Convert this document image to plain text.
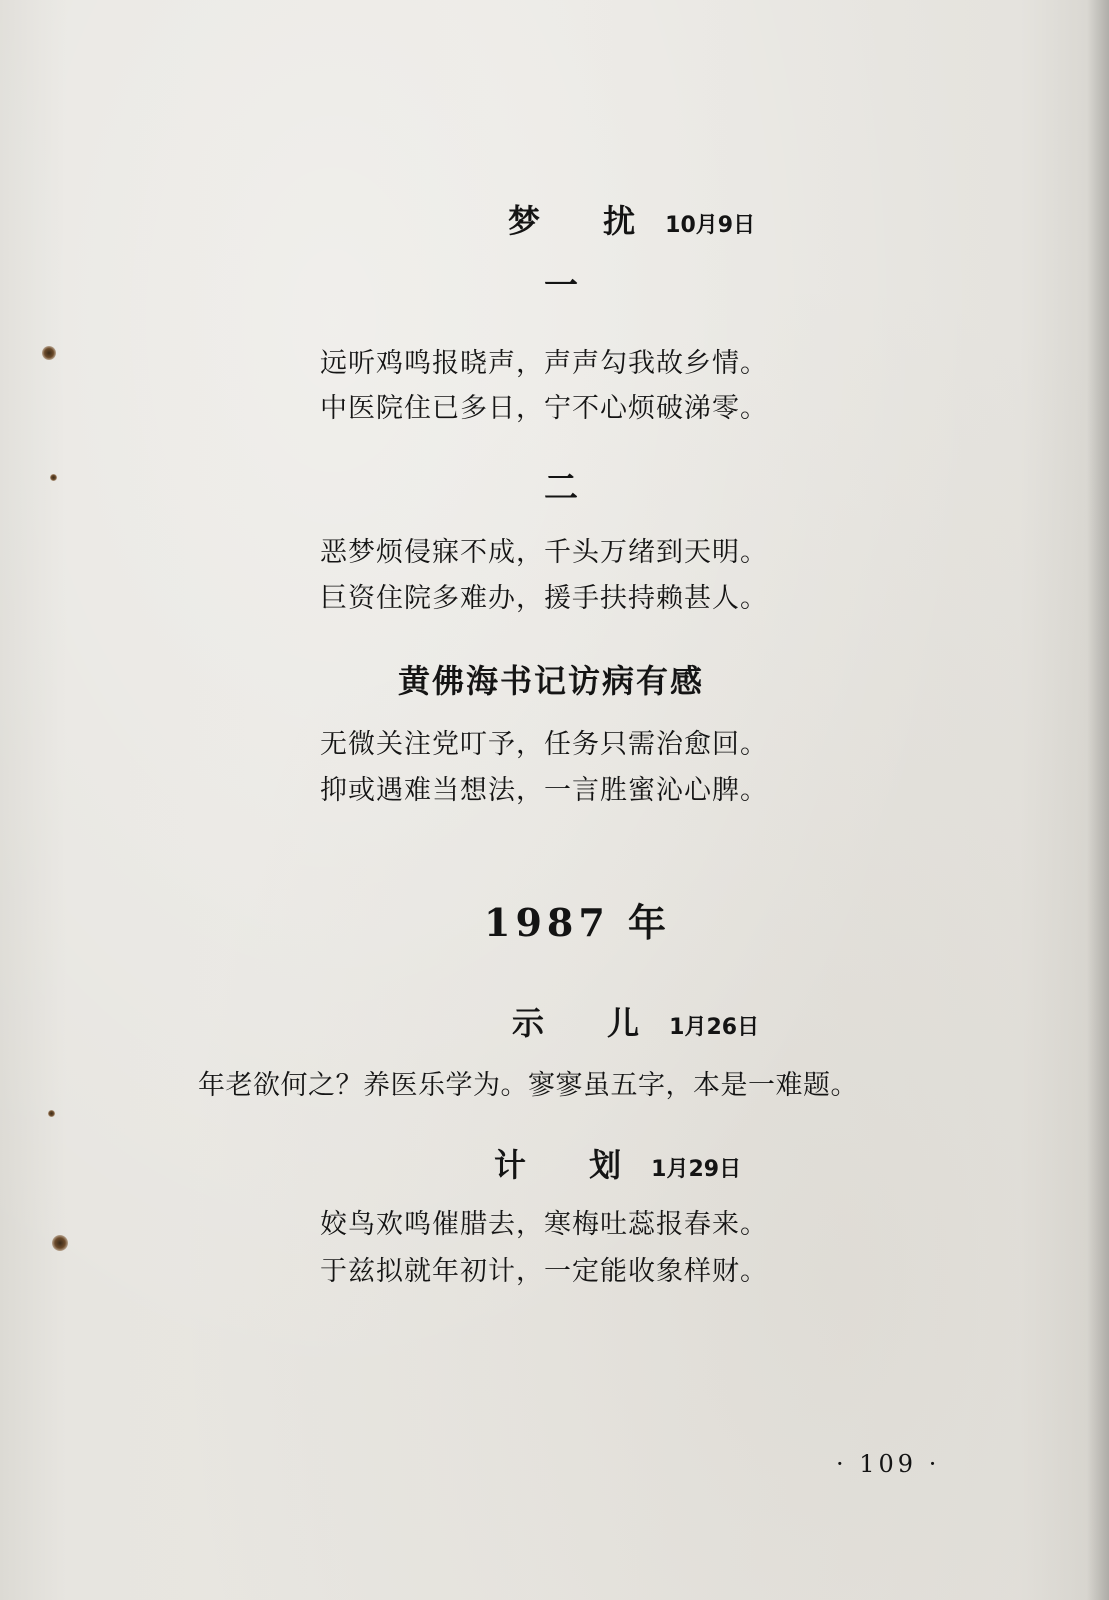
梦 扰 10月9日
一
远听鸡鸣报晓声，声声勾我故乡情。
中医院住已多日，宁不心烦破涕零。
二
恶梦烦侵寐不成，千头万绪到天明。
巨资住院多难办，援手扶持赖甚人。
黄佛海书记访病有感
无微关注党叮予，任务只需治愈回。
抑或遇难当想法，一言胜蜜沁心脾。
1987 年
示 儿 1月26日
年老欲何之？养医乐学为。寥寥虽五字，本是一难题。
计 划 1月29日
姣鸟欢鸣催腊去，寒梅吐蕊报春来。
于兹拟就年初计，一定能收象样财。
· 109 ·
